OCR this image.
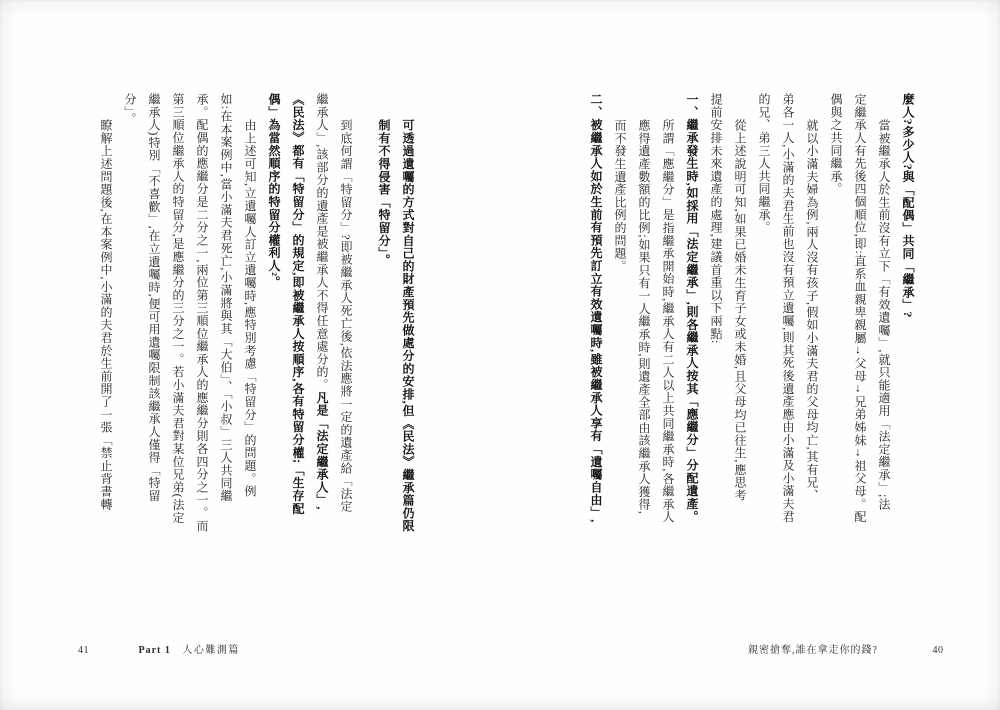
可透過遺囑的方式對自己的財產預先做處分的安排,但《民法》繼承篇仍限
制有不得侵害「特留分」。
到底何謂「特留分」?即被繼承人死亡後,依法應將一定的遺產給「法定
繼承人」,該部分的遺產是被繼承人不得任意處分的。凡是「法定繼承人」,
《民法》都有「特留分」的規定,即被繼承人按順序,各有特留分權;「生存配
偶」為當然順序的特留分權利人2。
由上述可知,立遺囑人訂立遺囑時,應特別考慮「特留分」的問題。例
如:在本案例中,當小滿夫君死亡,小滿將與其「大伯」、「小叔」三人共同繼
承。配偶的應繼分是二分之一,兩位第三順位繼承人的應繼分則各四分之一。而
第三順位繼承人的特留分,是應繼分的三分之一。若小滿夫君對某位兄弟(法定
繼承人)特別「不喜歡」,在立遺囑時,便可用遺囑限制該繼承人僅得「特留
分」。
瞭解上述問題後,在本案例中,小滿的夫君於生前開了一張「禁止背書轉
41	Part 1 人心難測篇
麼人?多少人?與「配偶」共同「繼承」?
當被繼承人於生前沒有立下「有效遺囑」,就只能適用「法定繼承」;法
定繼承人有先後四個順位,即:直系血親卑親屬→父母→兄弟姊妹→祖父母。配
偶與之共同繼承。
就以小滿夫婦為例,兩人沒有孩子,假如小滿夫君的父母均亡,其有兄、
弟各一人,小滿的夫君生前也沒有預立遺囑,則其死後遺產應由小滿及小滿夫君
的兄、弟三人共同繼承。
從上述說明可知,如果已婚未生育子女或未婚,且父母均已往生,應思考
提前安排未來遺產的處理,建議首重以下兩點:
一、繼承發生時,如採用「法定繼承」,則各繼承人按其「應繼分」分配遺產。
所謂「應繼分」是指繼承開始時,繼承人有二人以上共同繼承時,各繼承人
應得遺產數額的比例;如果只有一人繼承時,則遺產全部由該繼承人獲得,
而不發生遺產比例的問題。
二、被繼承人如於生前有預先訂立有效遺囑時,雖被繼承人享有「遺囑自由」,
親密搶奪,誰在拿走你的錢?	40
